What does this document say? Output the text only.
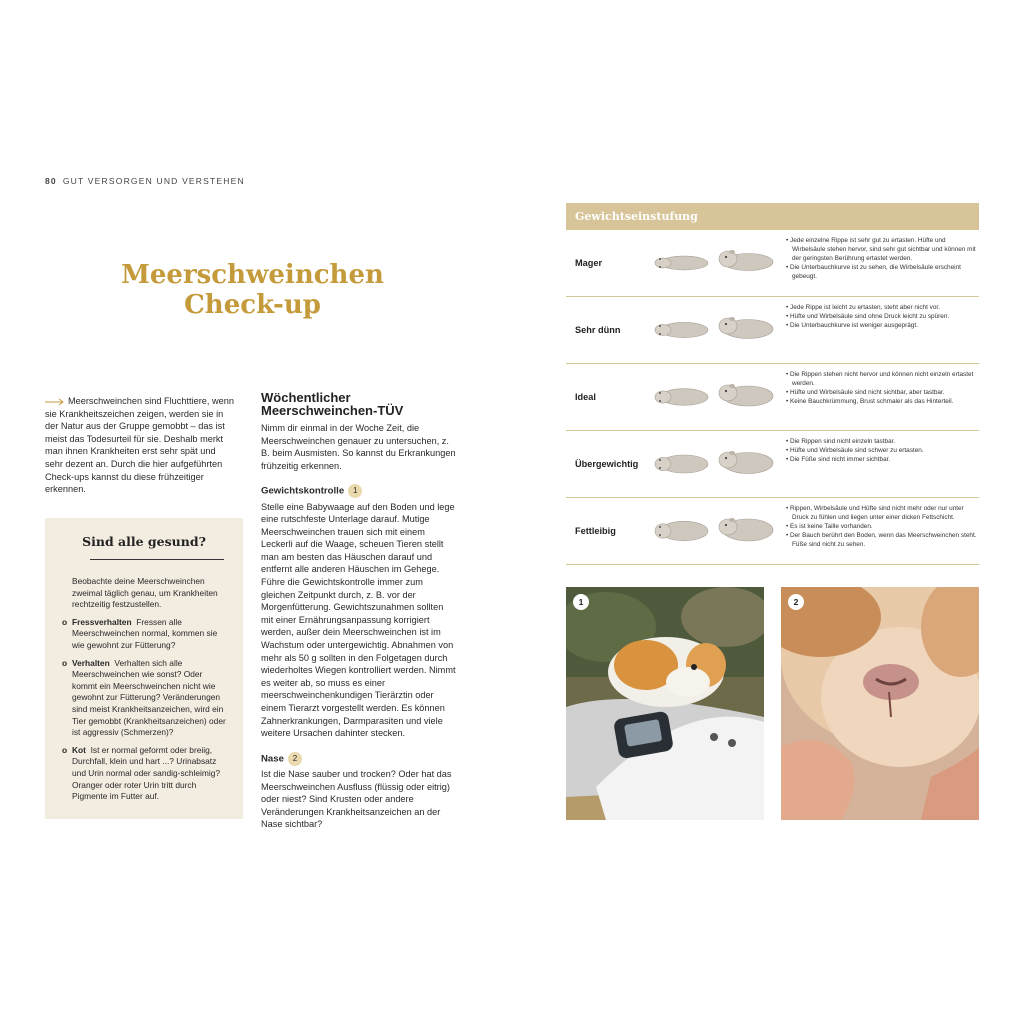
80 GUT VERSORGEN UND VERSTEHEN
Meerschweinchen
Check-up
Meerschweinchen sind Fluchttiere, wenn sie Krankheitszeichen zeigen, werden sie in der Natur aus der Gruppe gemobbt – das ist meist das Todesurteil für sie. Deshalb merkt man ihnen Krankheiten erst sehr spät und sehr dezent an. Durch die hier aufgeführten Check-ups kannst du diese frühzeitiger erkennen.
Sind alle gesund?

Beobachte deine Meerschweinchen zweimal täglich genau, um Krankheiten rechtzeitig festzustellen.

o Fressverhalten Fressen alle Meerschweinchen normal, kommen sie wie gewohnt zur Fütterung?
o Verhalten Verhalten sich alle Meerschweinchen wie sonst? Oder kommt ein Meerschweinchen nicht wie gewohnt zur Fütterung? Veränderungen sind meist Krankheitsanzeichen, wird ein Tier gemobbt (Krankheitsanzeichen) oder ist aggressiv (Schmerzen)?
o Kot Ist er normal geformt oder breiig, Durchfall, klein und hart ...? Urinabsatz und Urin normal oder sandig-schleimig? Oranger oder roter Urin tritt durch Pigmente im Futter auf.
Wöchentlicher Meerschweinchen-TÜV

Nimm dir einmal in der Woche Zeit, die Meerschweinchen genauer zu untersuchen, z. B. beim Ausmisten. So kannst du Erkrankungen frühzeitig erkennen.

Gewichtskontrolle 1

Stelle eine Babywaage auf den Boden und lege eine rutschfeste Unterlage darauf. Mutige Meerschweinchen trauen sich mit einem Leckerli auf die Waage, scheuen Tieren stellt man am besten das Häuschen darauf und entfernt alle anderen Häuschen im Gehege. Führe die Gewichtskontrolle immer zum gleichen Zeitpunkt durch, z. B. vor der Morgenfütterung. Gewichtszunahmen sollten mit einer Ernährungsanpassung korrigiert werden, außer dein Meerschweinchen ist im Wachstum oder untergewichtig. Abnahmen von mehr als 50 g sollten in den Folgetagen durch wiederholtes Wiegen kontrolliert werden. Nimmt es weiter ab, so muss es einer meerschweinchenkundigen Tierärztin oder einem Tierarzt vorgestellt werden. Es können Zahnerkrankungen, Darmparasiten und viele weitere Ursachen dahinter stecken.

Nase 2

Ist die Nase sauber und trocken? Oder hat das Meerschweinchen Ausfluss (flüssig oder eitrig) oder niest? Sind Krusten oder andere Veränderungen Krankheitsanzeichen an der Nase sichtbar?

Gewichtseinstufung
Mager
• Jede einzelne Rippe ist sehr gut zu ertasten. Hüfte und Wirbelsäule stehen hervor, sind sehr gut sichtbar und können mit der geringsten Berührung ertastet werden.
• Die Unterbauchkurve ist zu sehen, die Wirbelsäule erscheint gebeugt.
Sehr dünn
• Jede Rippe ist leicht zu ertasten, steht aber nicht vor.
• Hüfte und Wirbelsäule sind ohne Druck leicht zu spüren.
• Die Unterbauchkurve ist weniger ausgeprägt.
Ideal
• Die Rippen stehen nicht hervor und können nicht einzeln ertastet werden.
• Hüfte und Wirbelsäule sind nicht sichtbar, aber tastbar.
• Keine Bauchkrümmung, Brust schmaler als das Hinterteil.
Übergewichtig
• Die Rippen sind nicht einzeln tastbar.
• Hüfte und Wirbelsäule sind schwer zu ertasten.
• Die Füße sind nicht immer sichtbar.
Fettleibig
• Rippen, Wirbelsäule und Hüfte sind nicht mehr oder nur unter Druck zu fühlen und liegen unter einer dicken Fettschicht.
• Es ist keine Taille vorhanden.
• Der Bauch berührt den Boden, wenn das Meerschweinchen steht. Füße sind nicht zu sehen.
1	2
